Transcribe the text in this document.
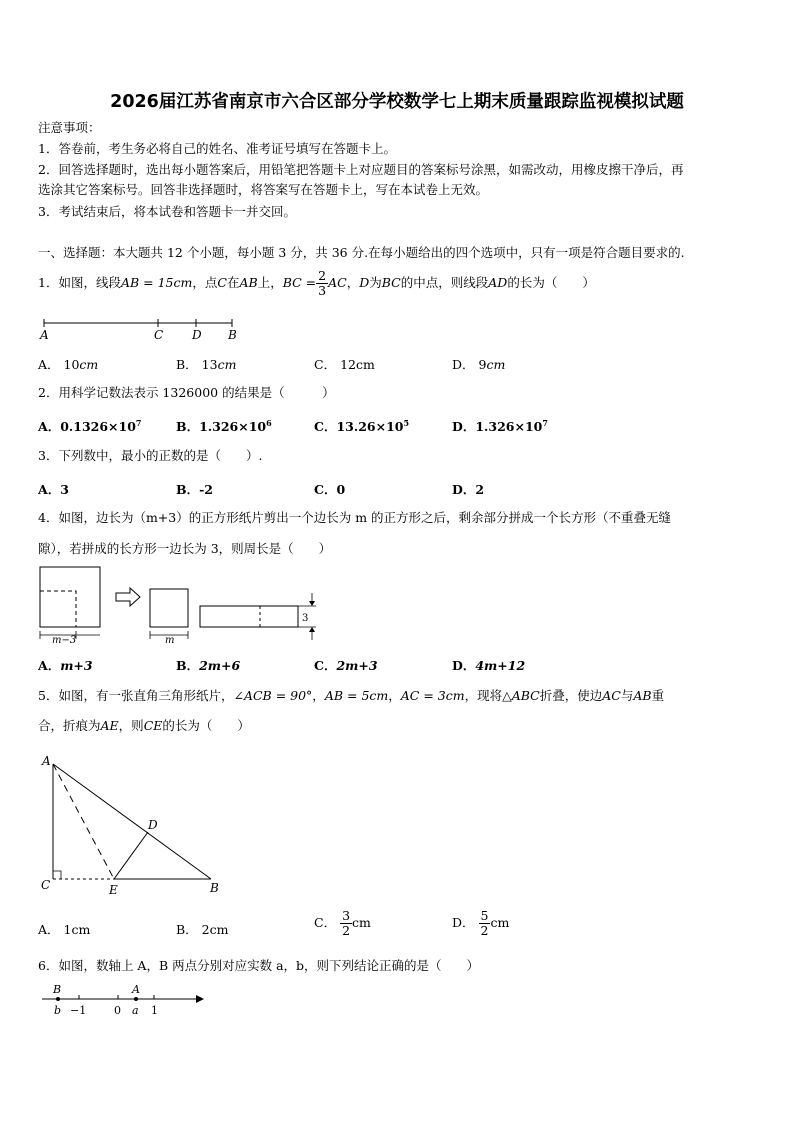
2026届江苏省南京市六合区部分学校数学七上期末质量跟踪监视模拟试题
注意事项：
1．答卷前，考生务必将自己的姓名、准考证号填写在答题卡上。
2．回答选择题时，选出每小题答案后，用铅笔把答题卡上对应题目的答案标号涂黑，如需改动，用橡皮擦干净后，再
选涂其它答案标号。回答非选择题时，将答案写在答题卡上，写在本试卷上无效。
3．考试结束后，将本试卷和答题卡一并交回。
一、选择题：本大题共 12 个小题，每小题 3 分，共 36 分.在每小题给出的四个选项中，只有一项是符合题目要求的.
1．如图，线段AB = 15cm，点C在AB上，BC = $\frac{2}{3}$ AC，D为BC的中点，则线段AD的长为（　　）
A	C D B
A． 10cm	B． 13cm	C． 12cm	D． 9cm
2．用科学记数法表示 1326000 的结果是（　　　）
A．$0.1326\times 10^7$	B．$1.326\times 10^6$	C．$13.26\times 10^5$	D．$1.326\times 10^7$
3．下列数中，最小的正数的是（　　）.
A．3	B．-2	C．0	D．2
4．如图，边长为（m+3）的正方形纸片剪出一个边长为 m 的正方形之后，剩余部分拼成一个长方形（不重叠无缝
隙），若拼成的长方形一边长为 3，则周长是（　　）
m−3	m
3
A．m+3	B．2m+6	C．2m+3	D．4m+12
5．如图，有一张直角三角形纸片，∠ACB = 90°，AB = 5cm，AC = 3cm，现将△ABC折叠，使边AC与AB重
合，折痕为AE，则CE的长为（　　）
A
D
C	E	B
A． 1cm	B． 2cm	C． $\frac{3}{2}$ cm	D． $\frac{5}{2}$ cm
6．如图，数轴上 A，B 两点分别对应实数 a，b，则下列结论正确的是（　　）
B	A
b −1	0 a 1
